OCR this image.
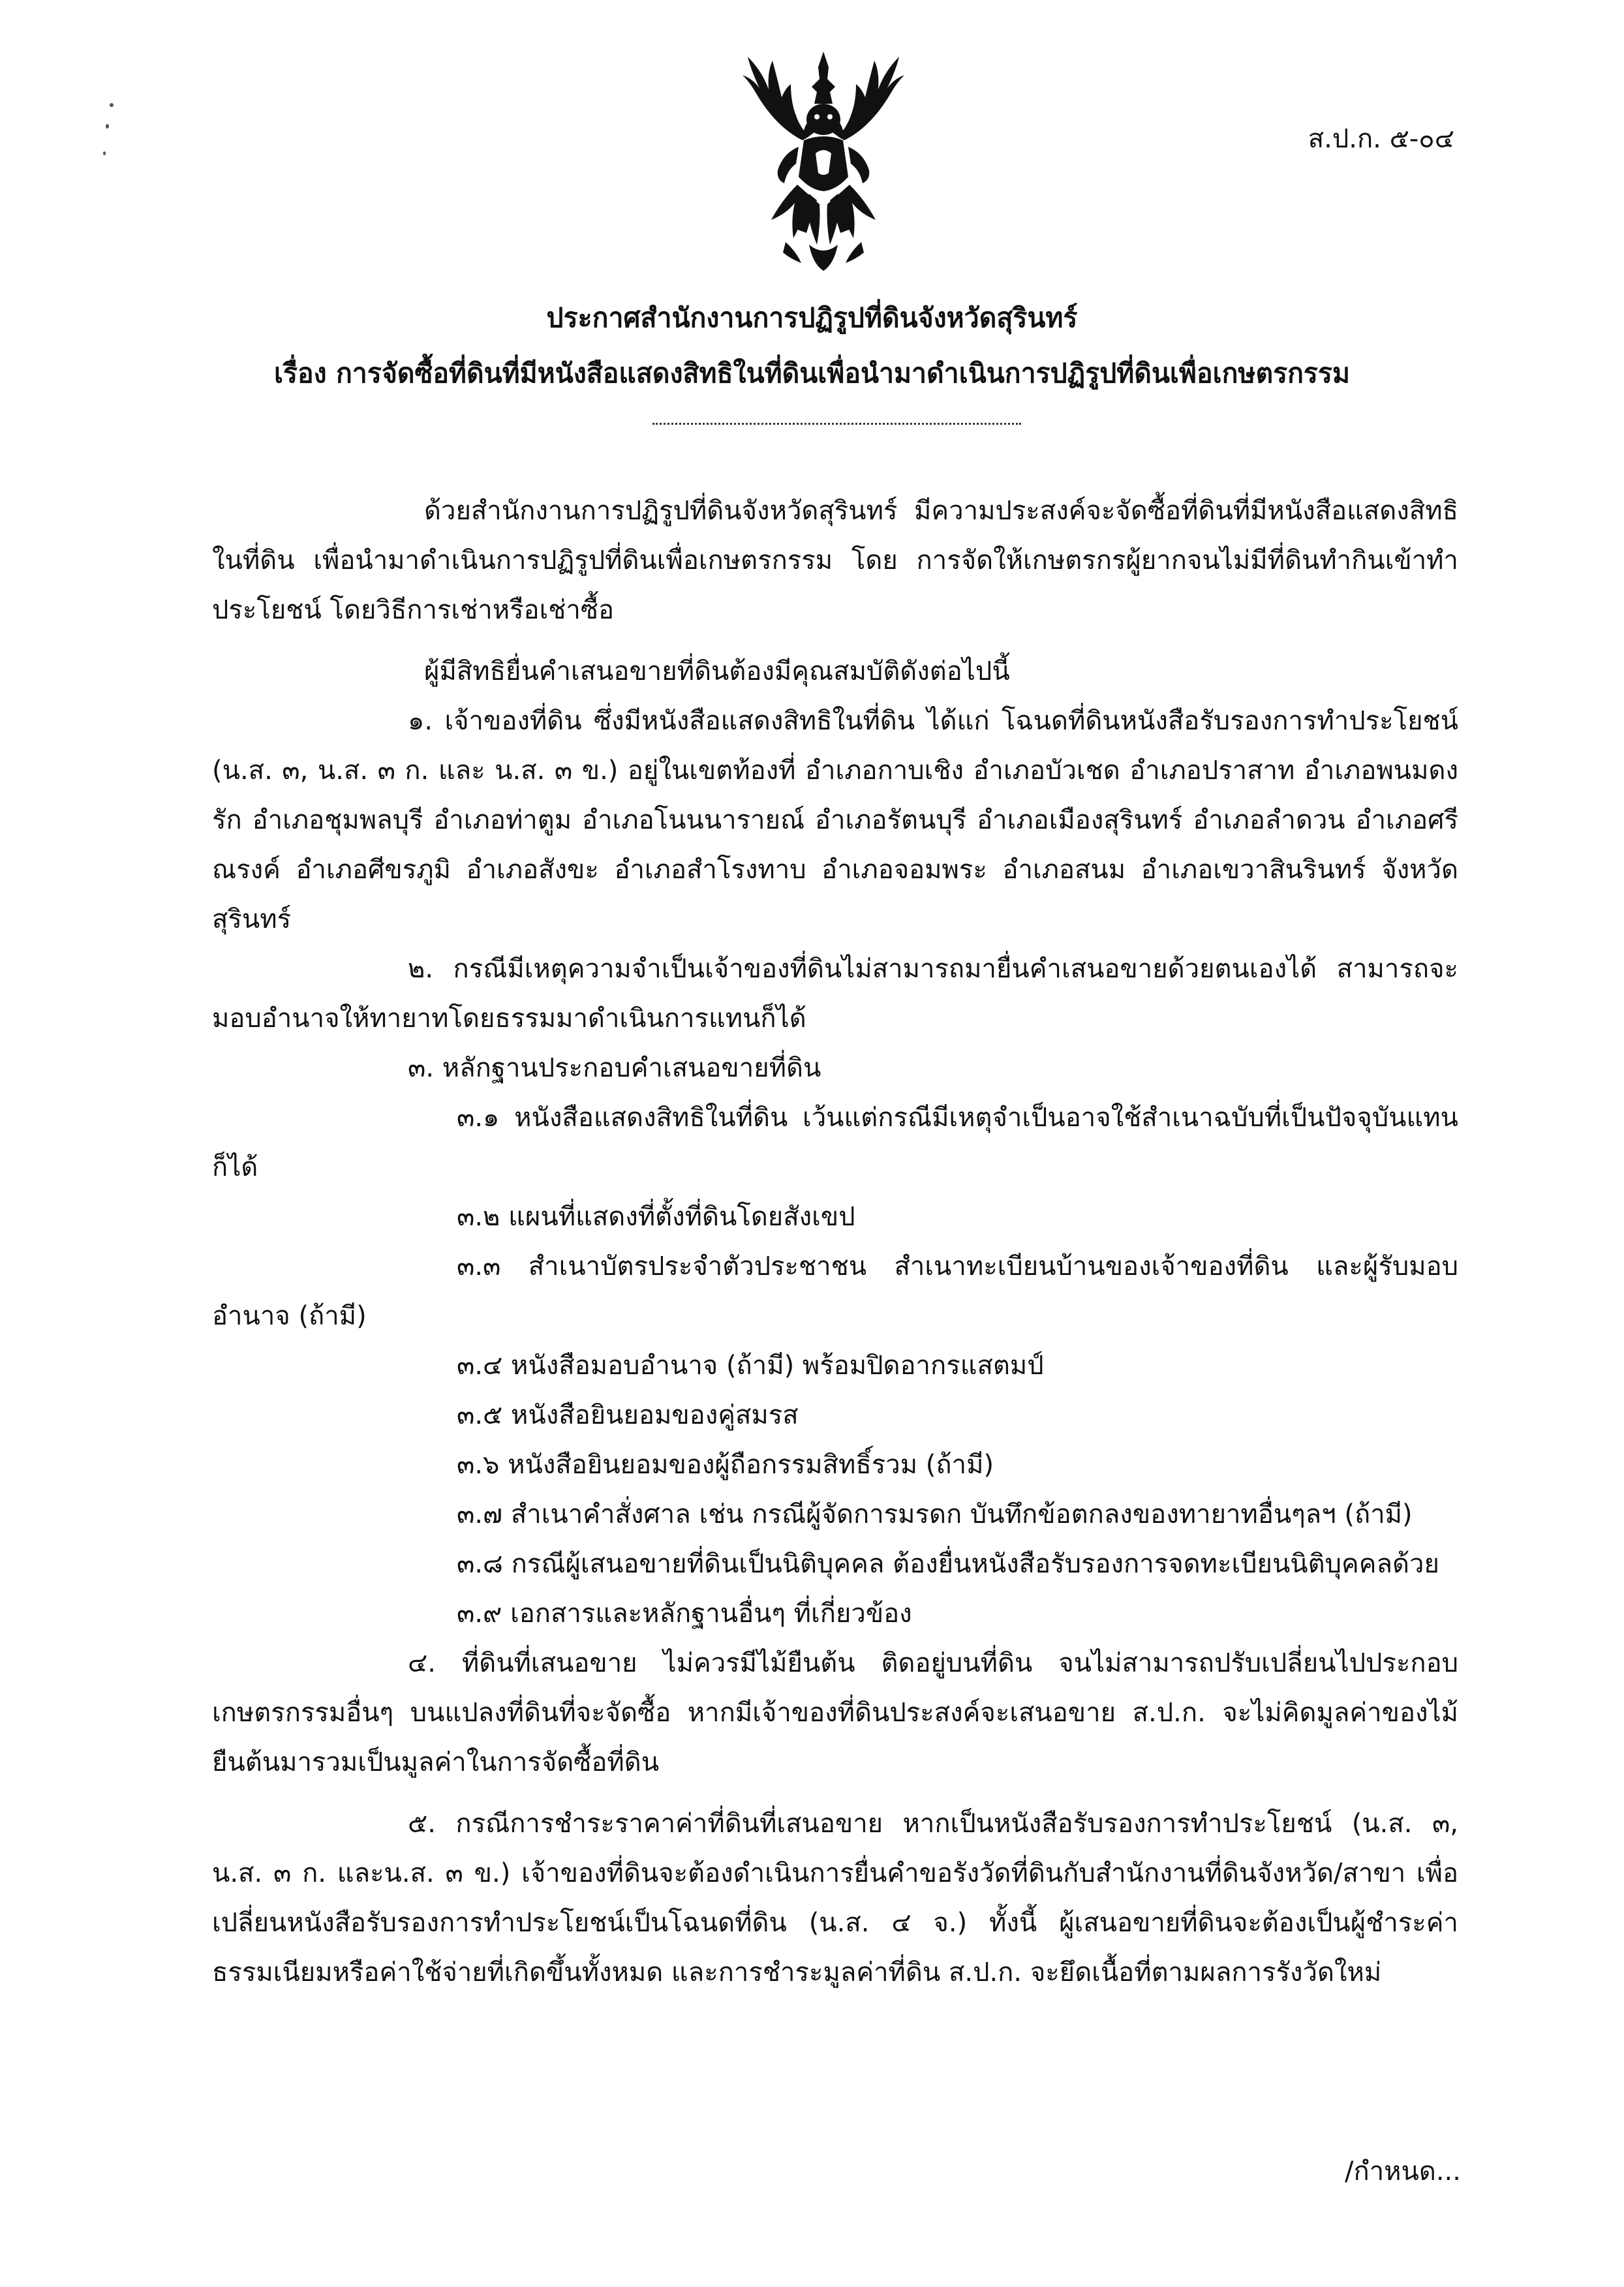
ส.ป.ก. ๕-๐๔
ประกาศสำนักงานการปฏิรูปที่ดินจังหวัดสุรินทร์
เรื่อง การจัดซื้อที่ดินที่มีหนังสือแสดงสิทธิในที่ดินเพื่อนำมาดำเนินการปฏิรูปที่ดินเพื่อเกษตรกรรม

ด้วยสำนักงานการปฏิรูปที่ดินจังหวัดสุรินทร์ มีความประสงค์จะจัดซื้อที่ดินที่มีหนังสือแสดงสิทธิในที่ดิน เพื่อนำมาดำเนินการปฏิรูปที่ดินเพื่อเกษตรกรรม โดย การจัดให้เกษตรกรผู้ยากจนไม่มีที่ดินทำกินเข้าทำประโยชน์ โดยวิธีการเช่าหรือเช่าซื้อ

ผู้มีสิทธิยื่นคำเสนอขายที่ดินต้องมีคุณสมบัติดังต่อไปนี้

๑. เจ้าของที่ดิน ซึ่งมีหนังสือแสดงสิทธิในที่ดิน ได้แก่ โฉนดที่ดินหนังสือรับรองการทำประโยชน์ (น.ส. ๓, น.ส. ๓ ก. และ น.ส. ๓ ข.) อยู่ในเขตท้องที่ อำเภอกาบเชิง อำเภอบัวเชด อำเภอปราสาท อำเภอพนมดงรัก อำเภอชุมพลบุรี อำเภอท่าตูม อำเภอโนนนารายณ์ อำเภอรัตนบุรี อำเภอเมืองสุรินทร์ อำเภอลำดวน อำเภอศรีณรงค์ อำเภอศีขรภูมิ อำเภอสังขะ อำเภอสำโรงทาบ อำเภอจอมพระ อำเภอสนม อำเภอเขวาสินรินทร์ จังหวัดสุรินทร์

๒. กรณีมีเหตุความจำเป็นเจ้าของที่ดินไม่สามารถมายื่นคำเสนอขายด้วยตนเองได้ สามารถจะมอบอำนาจให้ทายาทโดยธรรมมาดำเนินการแทนก็ได้

๓. หลักฐานประกอบคำเสนอขายที่ดิน

๓.๑ หนังสือแสดงสิทธิในที่ดิน เว้นแต่กรณีมีเหตุจำเป็นอาจใช้สำเนาฉบับที่เป็นปัจจุบันแทนก็ได้

๓.๒ แผนที่แสดงที่ตั้งที่ดินโดยสังเขป

๓.๓ สำเนาบัตรประจำตัวประชาชน สำเนาทะเบียนบ้านของเจ้าของที่ดิน และผู้รับมอบอำนาจ (ถ้ามี)

๓.๔ หนังสือมอบอำนาจ (ถ้ามี) พร้อมปิดอากรแสตมป์

๓.๕ หนังสือยินยอมของคู่สมรส

๓.๖ หนังสือยินยอมของผู้ถือกรรมสิทธิ์รวม (ถ้ามี)

๓.๗ สำเนาคำสั่งศาล เช่น กรณีผู้จัดการมรดก บันทึกข้อตกลงของทายาทอื่นๆลฯ (ถ้ามี)

๓.๘ กรณีผู้เสนอขายที่ดินเป็นนิติบุคคล ต้องยื่นหนังสือรับรองการจดทะเบียนนิติบุคคลด้วย

๓.๙ เอกสารและหลักฐานอื่นๆ ที่เกี่ยวข้อง

๔. ที่ดินที่เสนอขาย ไม่ควรมีไม้ยืนต้น ติดอยู่บนที่ดิน จนไม่สามารถปรับเปลี่ยนไปประกอบเกษตรกรรมอื่นๆ บนแปลงที่ดินที่จะจัดซื้อ หากมีเจ้าของที่ดินประสงค์จะเสนอขาย ส.ป.ก. จะไม่คิดมูลค่าของไม้ยืนต้นมารวมเป็นมูลค่าในการจัดซื้อที่ดิน

๕. กรณีการชำระราคาค่าที่ดินที่เสนอขาย หากเป็นหนังสือรับรองการทำประโยชน์ (น.ส. ๓, น.ส. ๓ ก. และน.ส. ๓ ข.) เจ้าของที่ดินจะต้องดำเนินการยื่นคำขอรังวัดที่ดินกับสำนักงานที่ดินจังหวัด/สาขา เพื่อเปลี่ยนหนังสือรับรองการทำประโยชน์เป็นโฉนดที่ดิน (น.ส. ๔ จ.) ทั้งนี้ ผู้เสนอขายที่ดินจะต้องเป็นผู้ชำระค่าธรรมเนียมหรือค่าใช้จ่ายที่เกิดขึ้นทั้งหมด และการชำระมูลค่าที่ดิน ส.ป.ก. จะยึดเนื้อที่ตามผลการรังวัดใหม่

/กำหนด...
